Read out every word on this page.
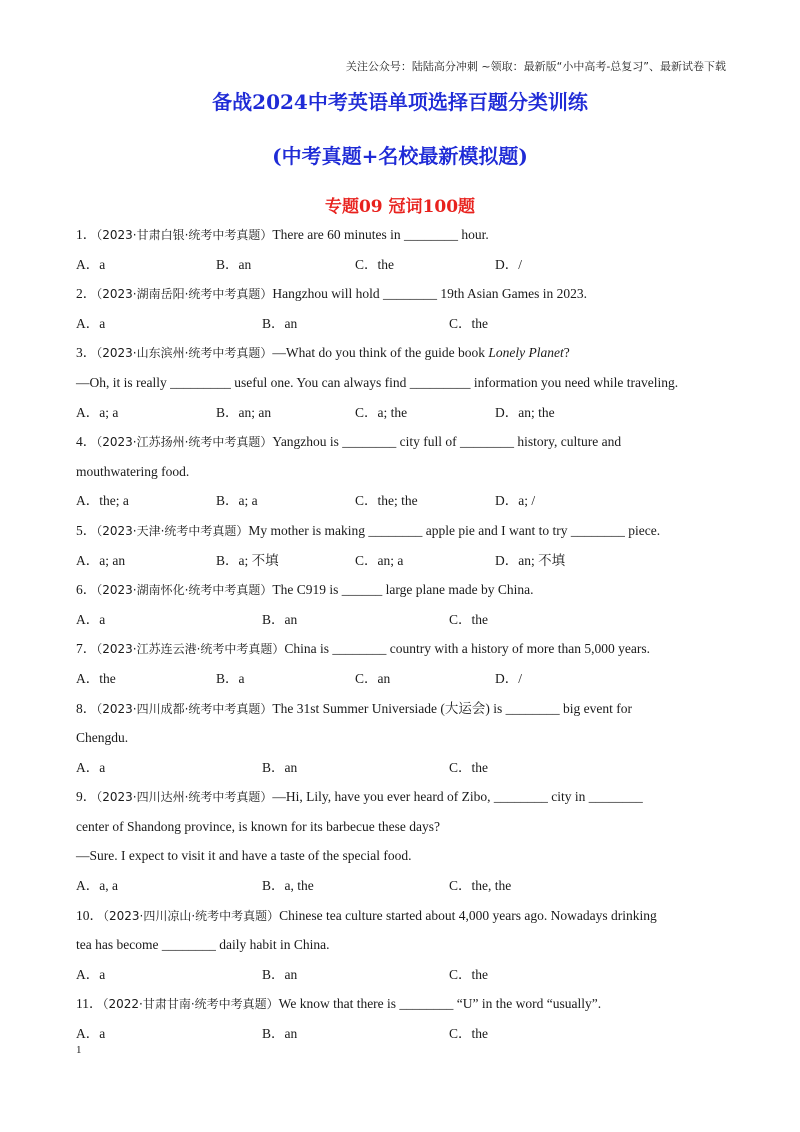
关注公众号：陆陆高分冲刺 ~领取：最新版“小中高考-总复习”、最新试卷下载
备战2024中考英语单项选择百题分类训练
(中考真题+名校最新模拟题)
专题09 冠词100题
1．（2023·甘肃白银·统考中考真题）There are 60 minutes in ________ hour.
A．a	B．an	C．the	D．/
2．（2023·湖南岳阳·统考中考真题）Hangzhou will hold ________ 19th Asian Games in 2023.
A．a	B．an	C．the
3．（2023·山东滨州·统考中考真题）—What do you think of the guide book Lonely Planet?
—Oh, it is really _________ useful one. You can always find _________ information you need while traveling.
A．a; a	B．an; an	C．a; the	D．an; the
4．（2023·江苏扬州·统考中考真题）Yangzhou is ________ city full of ________ history, culture and
mouthwatering food.
A．the; a	B．a; a	C．the; the	D．a; /
5．（2023·天津·统考中考真题）My mother is making ________ apple pie and I want to try ________ piece.
A．a; an	B．a; 不填	C．an; a	D．an; 不填
6．（2023·湖南怀化·统考中考真题）The C919 is ______ large plane made by China.
A．a	B．an	C．the
7．（2023·江苏连云港·统考中考真题）China is ________ country with a history of more than 5,000 years.
A．the	B．a	C．an	D．/
8．（2023·四川成都·统考中考真题）The 31st Summer Universiade (大运会) is ________ big event for
Chengdu.
A．a	B．an	C．the
9．（2023·四川达州·统考中考真题）—Hi, Lily, have you ever heard of Zibo, ________ city in ________
center of Shandong province, is known for its barbecue these days?
—Sure. I expect to visit it and have a taste of the special food.
A．a, a	B．a, the	C．the, the
10．（2023·四川凉山·统考中考真题）Chinese tea culture started about 4,000 years ago. Nowadays drinking
tea has become ________ daily habit in China.
A．a	B．an	C．the
11．（2022·甘肃甘南·统考中考真题）We know that there is ________ “U” in the word “usually”.
A．a	B．an	C．the
1
